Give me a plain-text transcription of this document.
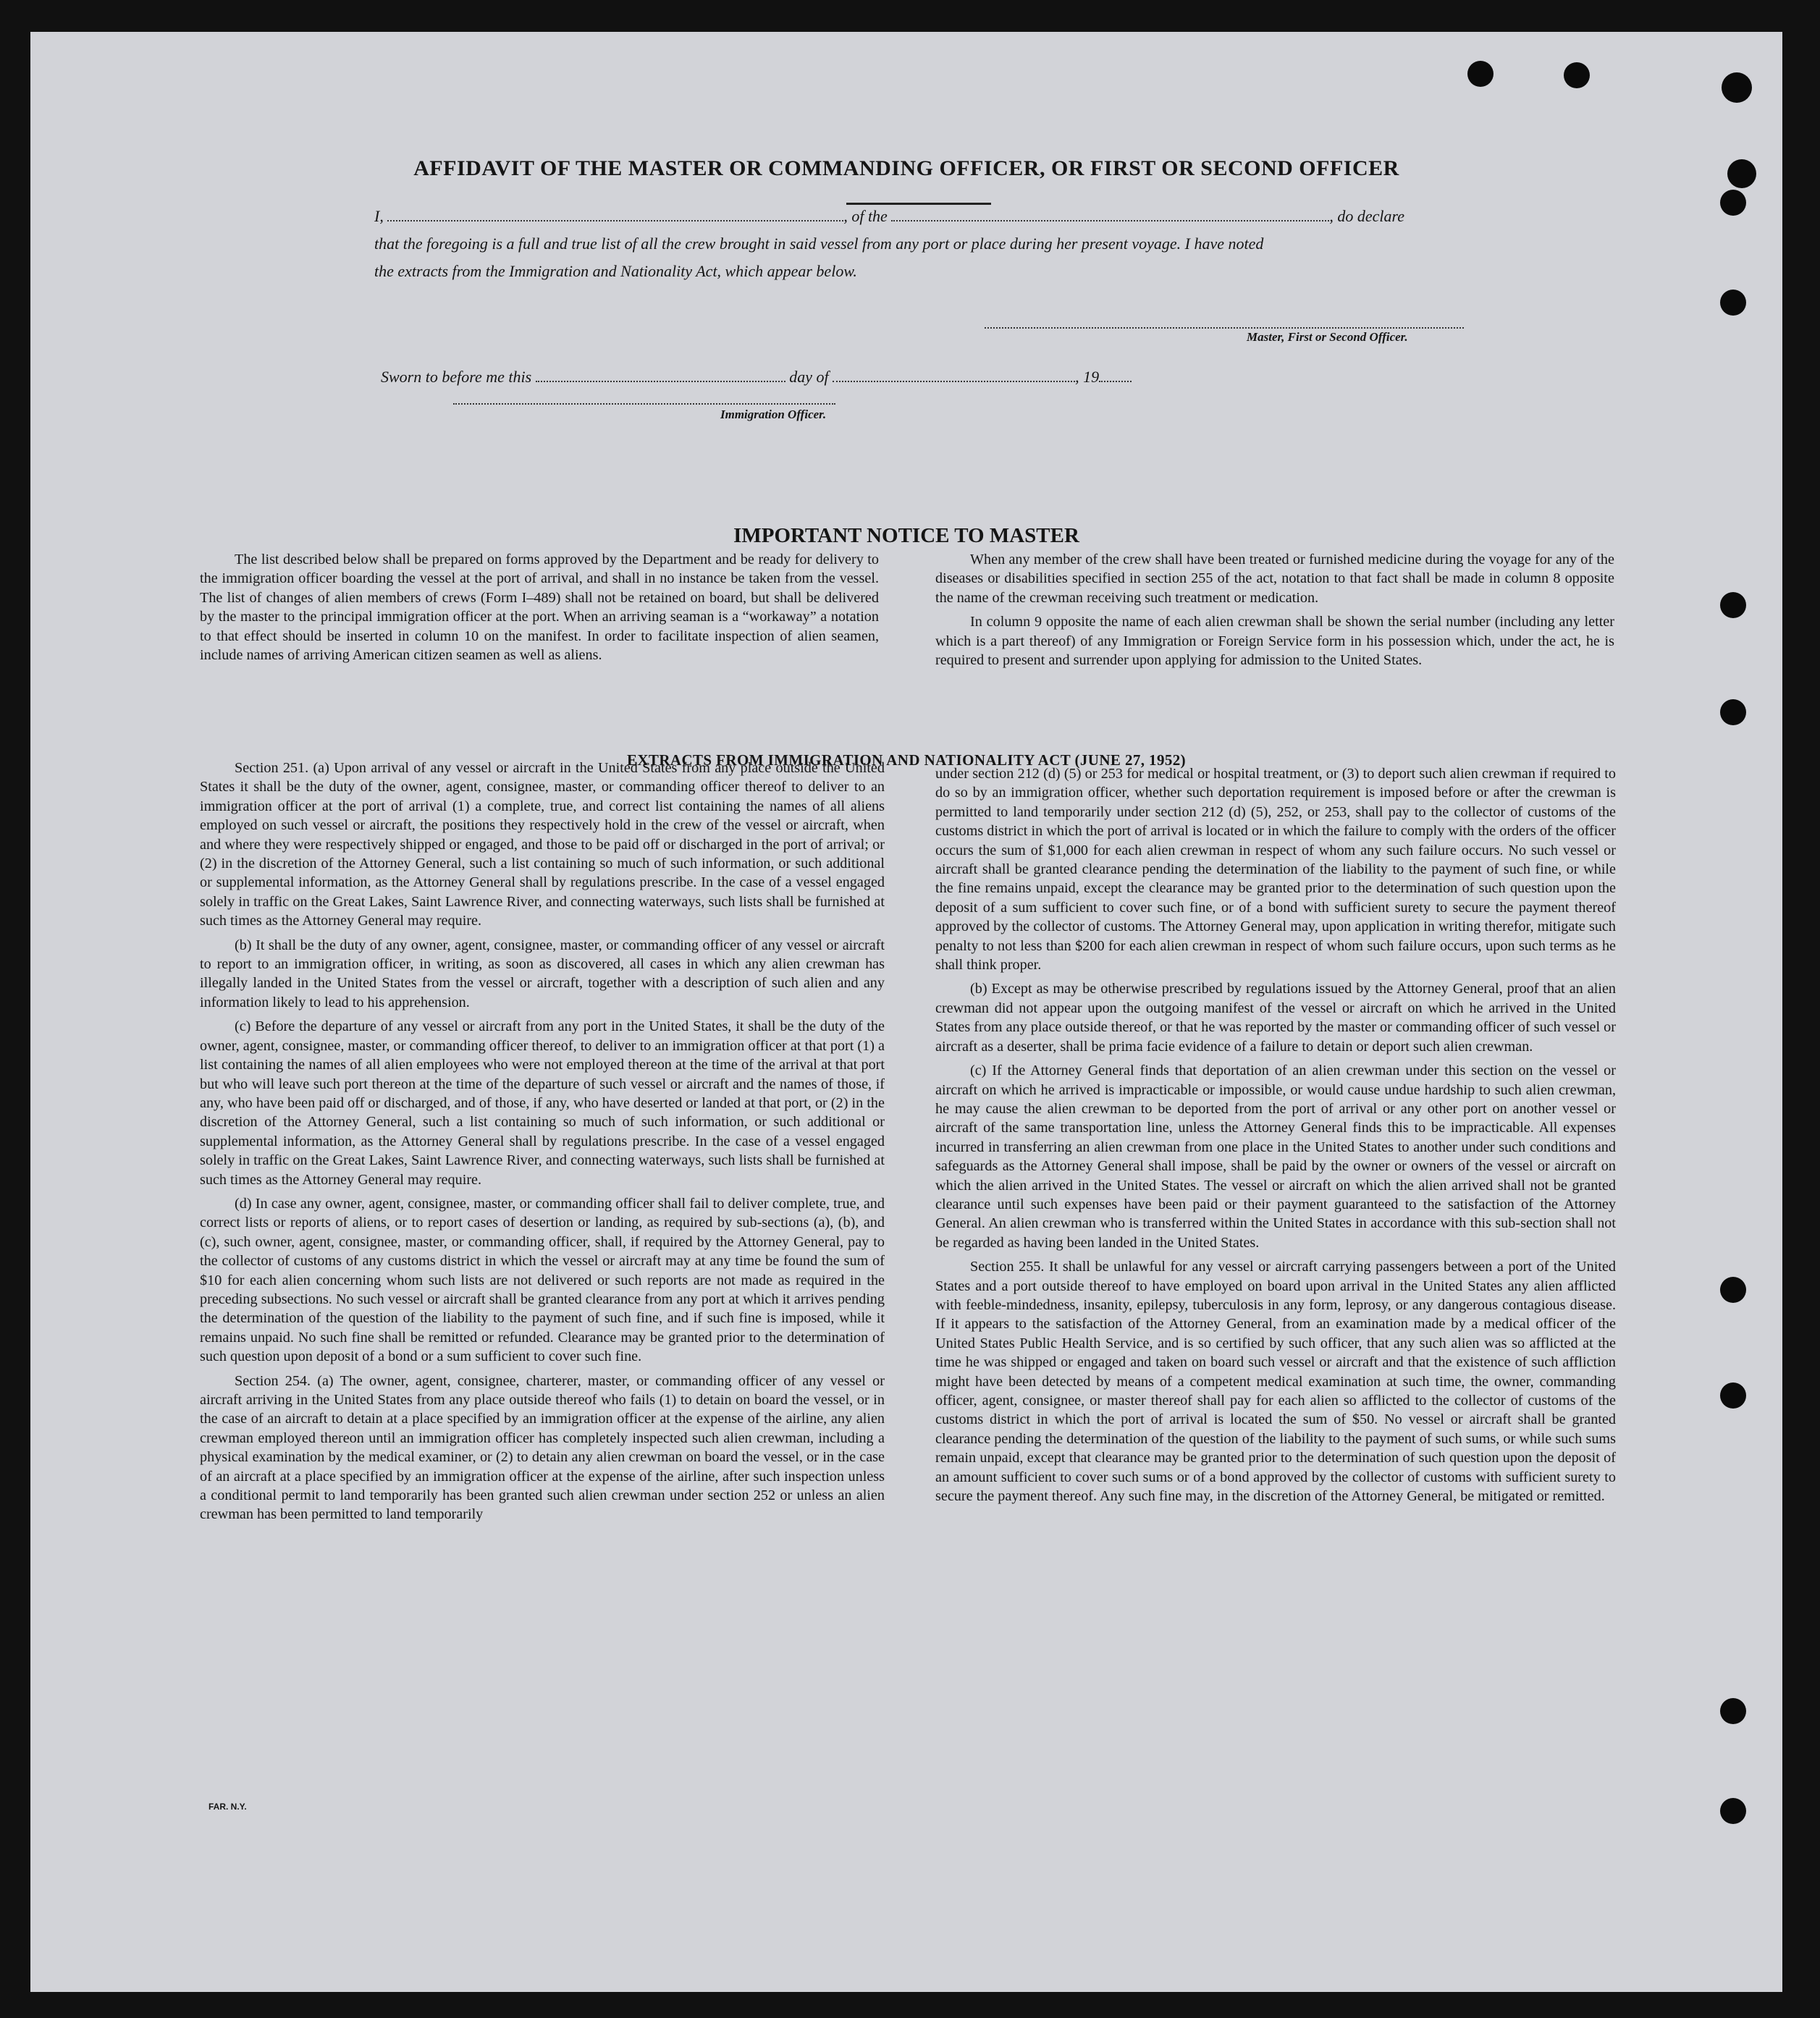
AFFIDAVIT OF THE MASTER OR COMMANDING OFFICER, OR FIRST OR SECOND OFFICER
I,	, of the	, do declare
that the foregoing is a full and true list of all the crew brought in said vessel from any port or place during her present voyage. I have noted
the extracts from the Immigration and Nationality Act, which appear below.
Master, First or Second Officer.
Sworn to before me this	day of	, 19
Immigration Officer.
IMPORTANT NOTICE TO MASTER

The list described below shall be prepared on forms approved by the Department and be ready for delivery to the immigration officer boarding the vessel at the port of arrival, and shall in no instance be taken from the vessel. The list of changes of alien members of crews (Form I–489) shall not be retained on board, but shall be delivered by the master to the principal immigration officer at the port. When an arriving seaman is a “workaway” a notation to that effect should be inserted in column 10 on the manifest. In order to facilitate inspection of alien seamen, include names of arriving American citizen seamen as well as aliens.

When any member of the crew shall have been treated or furnished medicine during the voyage for any of the diseases or disabilities specified in section 255 of the act, notation to that fact shall be made in column 8 opposite the name of the crewman receiving such treatment or medication.

In column 9 opposite the name of each alien crewman shall be shown the serial number (including any letter which is a part thereof) of any Immigration or Foreign Service form in his possession which, under the act, he is required to present and surrender upon applying for admission to the United States.

EXTRACTS FROM IMMIGRATION AND NATIONALITY ACT (JUNE 27, 1952)

Section 251. (a) Upon arrival of any vessel or aircraft in the United States from any place outside the United States it shall be the duty of the owner, agent, consignee, master, or commanding officer thereof to deliver to an immigration officer at the port of arrival (1) a complete, true, and correct list containing the names of all aliens employed on such vessel or aircraft, the positions they respectively hold in the crew of the vessel or aircraft, when and where they were respectively shipped or engaged, and those to be paid off or discharged in the port of arrival; or (2) in the discretion of the Attorney General, such a list containing so much of such information, or such additional or supplemental information, as the Attorney General shall by regulations prescribe. In the case of a vessel engaged solely in traffic on the Great Lakes, Saint Lawrence River, and connecting waterways, such lists shall be furnished at such times as the Attorney General may require.

(b) It shall be the duty of any owner, agent, consignee, master, or commanding officer of any vessel or aircraft to report to an immigration officer, in writing, as soon as discovered, all cases in which any alien crewman has illegally landed in the United States from the vessel or aircraft, together with a description of such alien and any information likely to lead to his apprehension.

(c) Before the departure of any vessel or aircraft from any port in the United States, it shall be the duty of the owner, agent, consignee, master, or commanding officer thereof, to deliver to an immigration officer at that port (1) a list containing the names of all alien employees who were not employed thereon at the time of the arrival at that port but who will leave such port thereon at the time of the departure of such vessel or aircraft and the names of those, if any, who have been paid off or discharged, and of those, if any, who have deserted or landed at that port, or (2) in the discretion of the Attorney General, such a list containing so much of such information, or such additional or supplemental information, as the Attorney General shall by regulations prescribe. In the case of a vessel engaged solely in traffic on the Great Lakes, Saint Lawrence River, and connecting waterways, such lists shall be furnished at such times as the Attorney General may require.

(d) In case any owner, agent, consignee, master, or commanding officer shall fail to deliver complete, true, and correct lists or reports of aliens, or to report cases of desertion or landing, as required by sub-sections (a), (b), and (c), such owner, agent, consignee, master, or commanding officer, shall, if required by the Attorney General, pay to the collector of customs of any customs district in which the vessel or aircraft may at any time be found the sum of $10 for each alien concerning whom such lists are not delivered or such reports are not made as required in the preceding subsections. No such vessel or aircraft shall be granted clearance from any port at which it arrives pending the determination of the question of the liability to the payment of such fine, and if such fine is imposed, while it remains unpaid. No such fine shall be remitted or refunded. Clearance may be granted prior to the determination of such question upon deposit of a bond or a sum sufficient to cover such fine.

Section 254. (a) The owner, agent, consignee, charterer, master, or commanding officer of any vessel or aircraft arriving in the United States from any place outside thereof who fails (1) to detain on board the vessel, or in the case of an aircraft to detain at a place specified by an immigration officer at the expense of the airline, any alien crewman employed thereon until an immigration officer has completely inspected such alien crewman, including a physical examination by the medical examiner, or (2) to detain any alien crewman on board the vessel, or in the case of an aircraft at a place specified by an immigration officer at the expense of the airline, after such inspection unless a conditional permit to land temporarily has been granted such alien crewman under section 252 or unless an alien crewman has been permitted to land temporarily

under section 212 (d) (5) or 253 for medical or hospital treatment, or (3) to deport such alien crewman if required to do so by an immigration officer, whether such deportation requirement is imposed before or after the crewman is permitted to land temporarily under section 212 (d) (5), 252, or 253, shall pay to the collector of customs of the customs district in which the port of arrival is located or in which the failure to comply with the orders of the officer occurs the sum of $1,000 for each alien crewman in respect of whom any such failure occurs. No such vessel or aircraft shall be granted clearance pending the determination of the liability to the payment of such fine, or while the fine remains unpaid, except the clearance may be granted prior to the determination of such question upon the deposit of a sum sufficient to cover such fine, or of a bond with sufficient surety to secure the payment thereof approved by the collector of customs. The Attorney General may, upon application in writing therefor, mitigate such penalty to not less than $200 for each alien crewman in respect of whom such failure occurs, upon such terms as he shall think proper.

(b) Except as may be otherwise prescribed by regulations issued by the Attorney General, proof that an alien crewman did not appear upon the outgoing manifest of the vessel or aircraft on which he arrived in the United States from any place outside thereof, or that he was reported by the master or commanding officer of such vessel or aircraft as a deserter, shall be prima facie evidence of a failure to detain or deport such alien crewman.

(c) If the Attorney General finds that deportation of an alien crewman under this section on the vessel or aircraft on which he arrived is impracticable or impossible, or would cause undue hardship to such alien crewman, he may cause the alien crewman to be deported from the port of arrival or any other port on another vessel or aircraft of the same transportation line, unless the Attorney General finds this to be impracticable. All expenses incurred in transferring an alien crewman from one place in the United States to another under such conditions and safeguards as the Attorney General shall impose, shall be paid by the owner or owners of the vessel or aircraft on which the alien arrived in the United States. The vessel or aircraft on which the alien arrived shall not be granted clearance until such expenses have been paid or their payment guaranteed to the satisfaction of the Attorney General. An alien crewman who is transferred within the United States in accordance with this sub-section shall not be regarded as having been landed in the United States.

Section 255. It shall be unlawful for any vessel or aircraft carrying passengers between a port of the United States and a port outside thereof to have employed on board upon arrival in the United States any alien afflicted with feeble-mindedness, insanity, epilepsy, tuberculosis in any form, leprosy, or any dangerous contagious disease. If it appears to the satisfaction of the Attorney General, from an examination made by a medical officer of the United States Public Health Service, and is so certified by such officer, that any such alien was so afflicted at the time he was shipped or engaged and taken on board such vessel or aircraft and that the existence of such affliction might have been detected by means of a competent medical examination at such time, the owner, commanding officer, agent, consignee, or master thereof shall pay for each alien so afflicted to the collector of customs of the customs district in which the port of arrival is located the sum of $50. No vessel or aircraft shall be granted clearance pending the determination of the question of the liability to the payment of such sums, or while such sums remain unpaid, except that clearance may be granted prior to the determination of such question upon the deposit of an amount sufficient to cover such sums or of a bond approved by the collector of customs with sufficient surety to secure the payment thereof. Any such fine may, in the discretion of the Attorney General, be mitigated or remitted.

FAR. N.Y.
